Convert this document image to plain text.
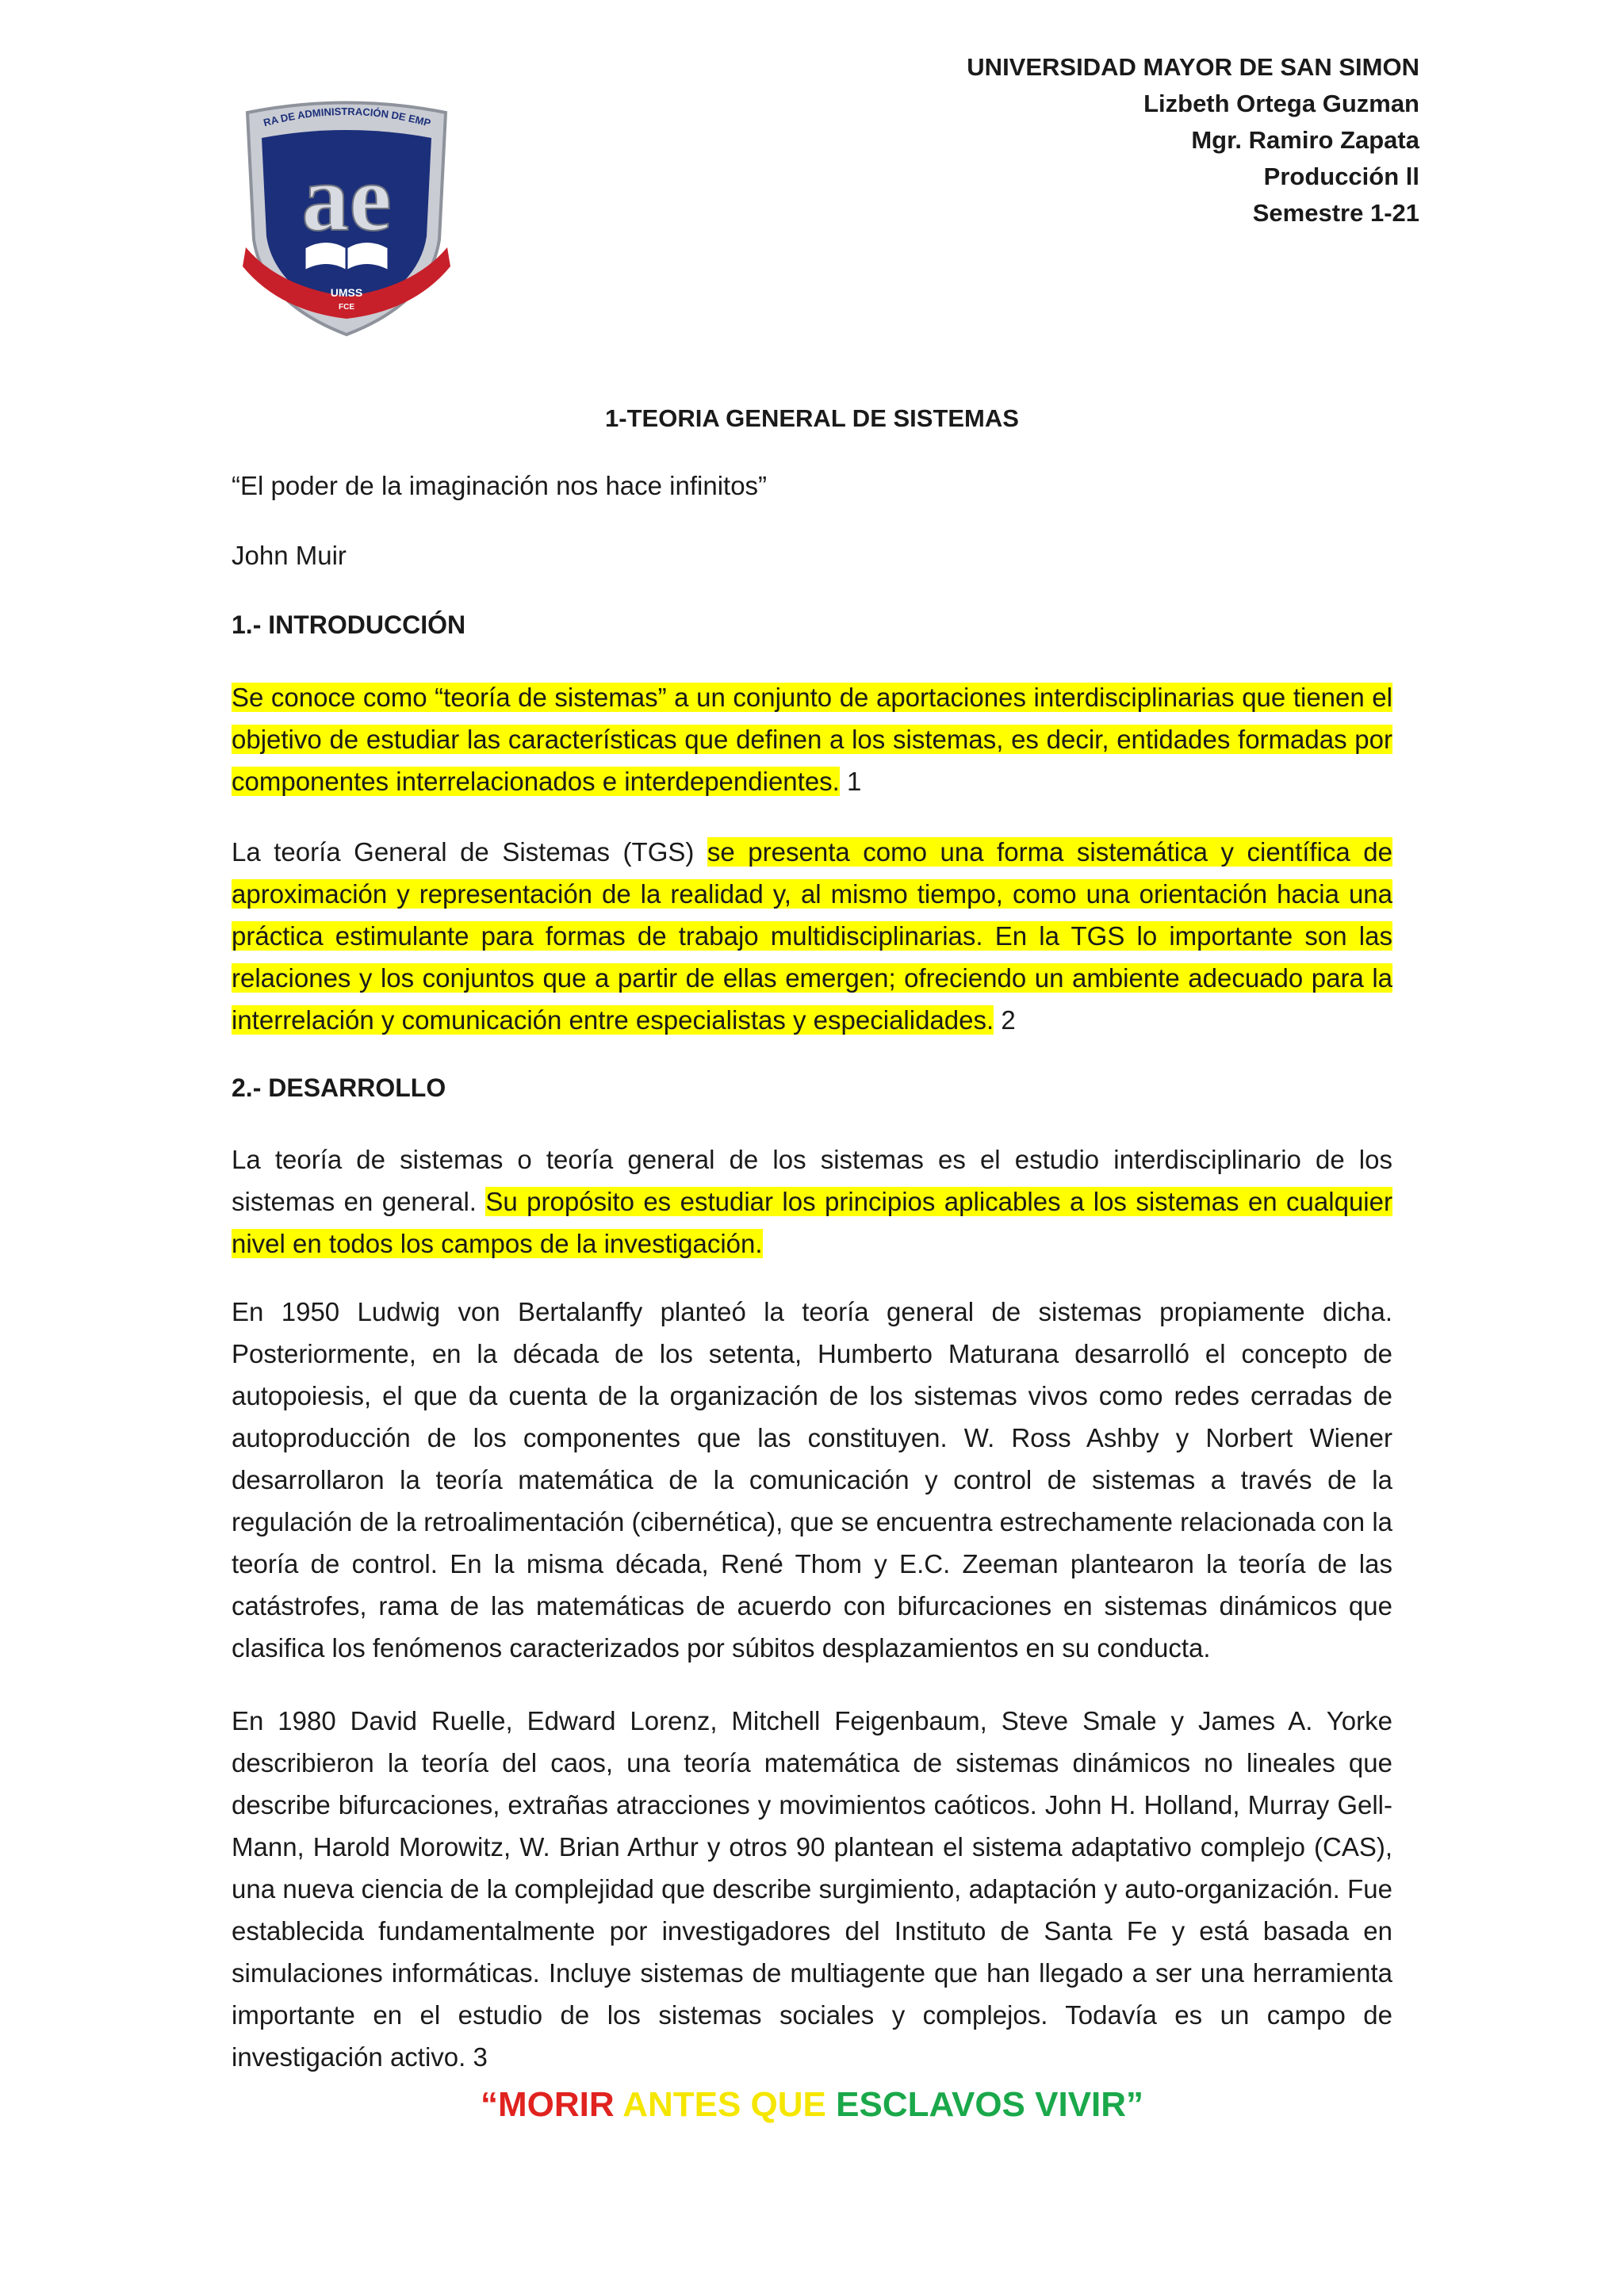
RA DE ADMINISTRACIÓN DE EMP
ae
UMSS
FCE
UNIVERSIDAD MAYOR DE SAN SIMON
Lizbeth Ortega Guzman
Mgr. Ramiro Zapata
Producción ll
Semestre 1-21
1-TEORIA GENERAL DE SISTEMAS
“El poder de la imaginación nos hace infinitos”
John Muir
1.- INTRODUCCIÓN
Se conoce como “teoría de sistemas” a un conjunto de aportaciones interdisciplinarias que tienen el objetivo de estudiar las características que definen a los sistemas, es decir, entidades formadas por componentes interrelacionados e interdependientes. 1
La teoría General de Sistemas (TGS) se presenta como una forma sistemática y científica de aproximación y representación de la realidad y, al mismo tiempo, como una orientación hacia una práctica estimulante para formas de trabajo multidisciplinarias. En la TGS lo importante son las relaciones y los conjuntos que a partir de ellas emergen; ofreciendo un ambiente adecuado para la interrelación y comunicación entre especialistas y especialidades. 2
2.- DESARROLLO
La teoría de sistemas o teoría general de los sistemas es el estudio interdisciplinario de los sistemas en general. Su propósito es estudiar los principios aplicables a los sistemas en cualquier nivel en todos los campos de la investigación.
En 1950 Ludwig von Bertalanffy planteó la teoría general de sistemas propiamente dicha. Posteriormente, en la década de los setenta, Humberto Maturana desarrolló el concepto de autopoiesis, el que da cuenta de la organización de los sistemas vivos como redes cerradas de autoproducción de los componentes que las constituyen. W. Ross Ashby y Norbert Wiener desarrollaron la teoría matemática de la comunicación y control de sistemas a través de la regulación de la retroalimentación (cibernética), que se encuentra estrechamente relacionada con la teoría de control. En la misma década, René Thom y E.C. Zeeman plantearon la teoría de las catástrofes, rama de las matemáticas de acuerdo con bifurcaciones en sistemas dinámicos que clasifica los fenómenos caracterizados por súbitos desplazamientos en su conducta.
En 1980 David Ruelle, Edward Lorenz, Mitchell Feigenbaum, Steve Smale y James A. Yorke describieron la teoría del caos, una teoría matemática de sistemas dinámicos no lineales que describe bifurcaciones, extrañas atracciones y movimientos caóticos. John H. Holland, Murray Gell-Mann, Harold Morowitz, W. Brian Arthur y otros 90 plantean el sistema adaptativo complejo (CAS), una nueva ciencia de la complejidad que describe surgimiento, adaptación y auto-organización. Fue establecida fundamentalmente por investigadores del Instituto de Santa Fe y está basada en simulaciones informáticas. Incluye sistemas de multiagente que han llegado a ser una herramienta importante en el estudio de los sistemas sociales y complejos. Todavía es un campo de investigación activo. 3
“MORIR ANTES QUE ESCLAVOS VIVIR”
